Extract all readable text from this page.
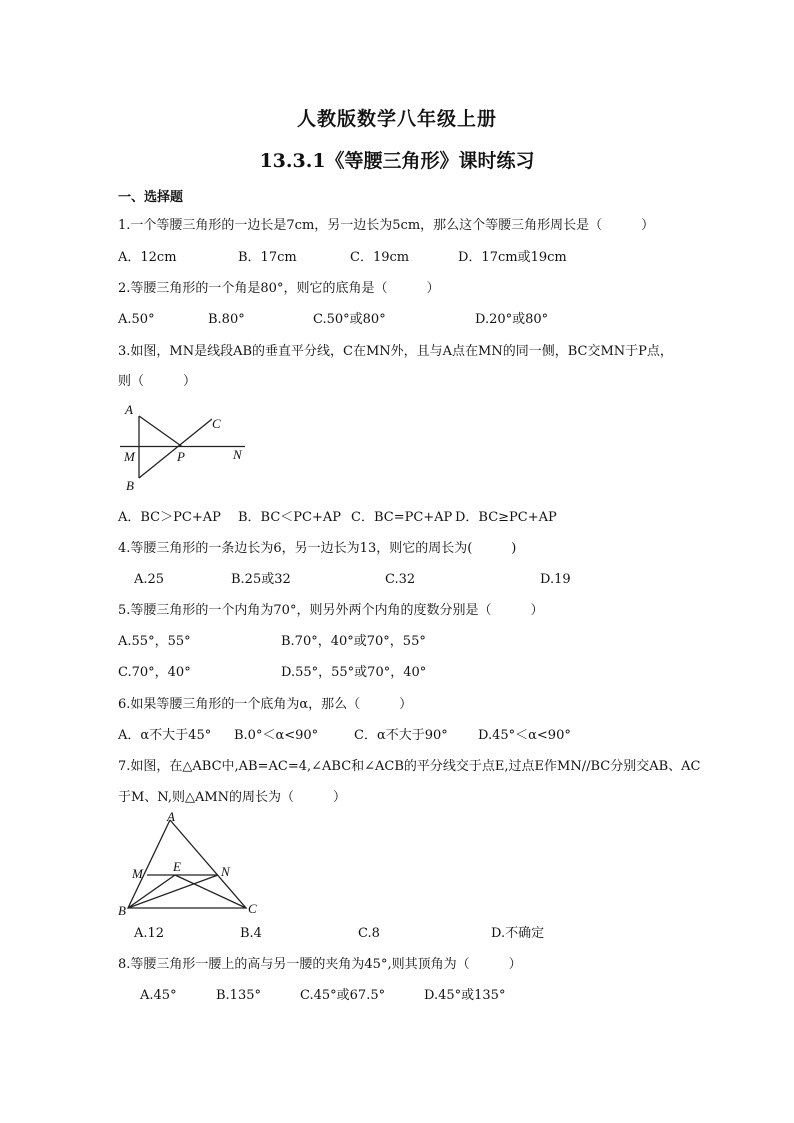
人教版数学八年级上册
13.3.1《等腰三角形》课时练习
一、选择题
1.一个等腰三角形的一边长是7cm，另一边长为5cm，那么这个等腰三角形周长是（　　　）
A．12cm	B．17cm	C．19cm	D．17cm或19cm
2.等腰三角形的一个角是80°，则它的底角是（　　　）
A.50°	B.80°	C.50°或80°	D.20°或80°
3.如图，MN是线段AB的垂直平分线，C在MN外，且与A点在MN的同一侧，BC交MN于P点，
则（　　　）
A
C
M	P	N
B
A．BC＞PC+AP B．BC＜PC+AP C．BC=PC+AP D．BC≥PC+AP
4.等腰三角形的一条边长为6，另一边长为13，则它的周长为(　　　)
A.25	B.25或32	C.32	D.19
5.等腰三角形的一个内角为70°，则另外两个内角的度数分别是（　　　）
A.55°，55°	B.70°，40°或70°，55°
C.70°，40°	D.55°，55°或70°，40°
6.如果等腰三角形的一个底角为α，那么（　　　）
A．α不大于45° B.0°＜α<90°	C．α不大于90° D.45°＜α<90°
7.如图，在△ABC中,AB=AC=4,∠ABC和∠ACB的平分线交于点E,过点E作MN//BC分别交AB、AC
于M、N,则△AMN的周长为（　　　）
A
M E	N
B	C
A.12	B.4	C.8	D.不确定
8.等腰三角形一腰上的高与另一腰的夹角为45°,则其顶角为（　　　）
A.45°	B.135°	C.45°或67.5°	D.45°或135°
